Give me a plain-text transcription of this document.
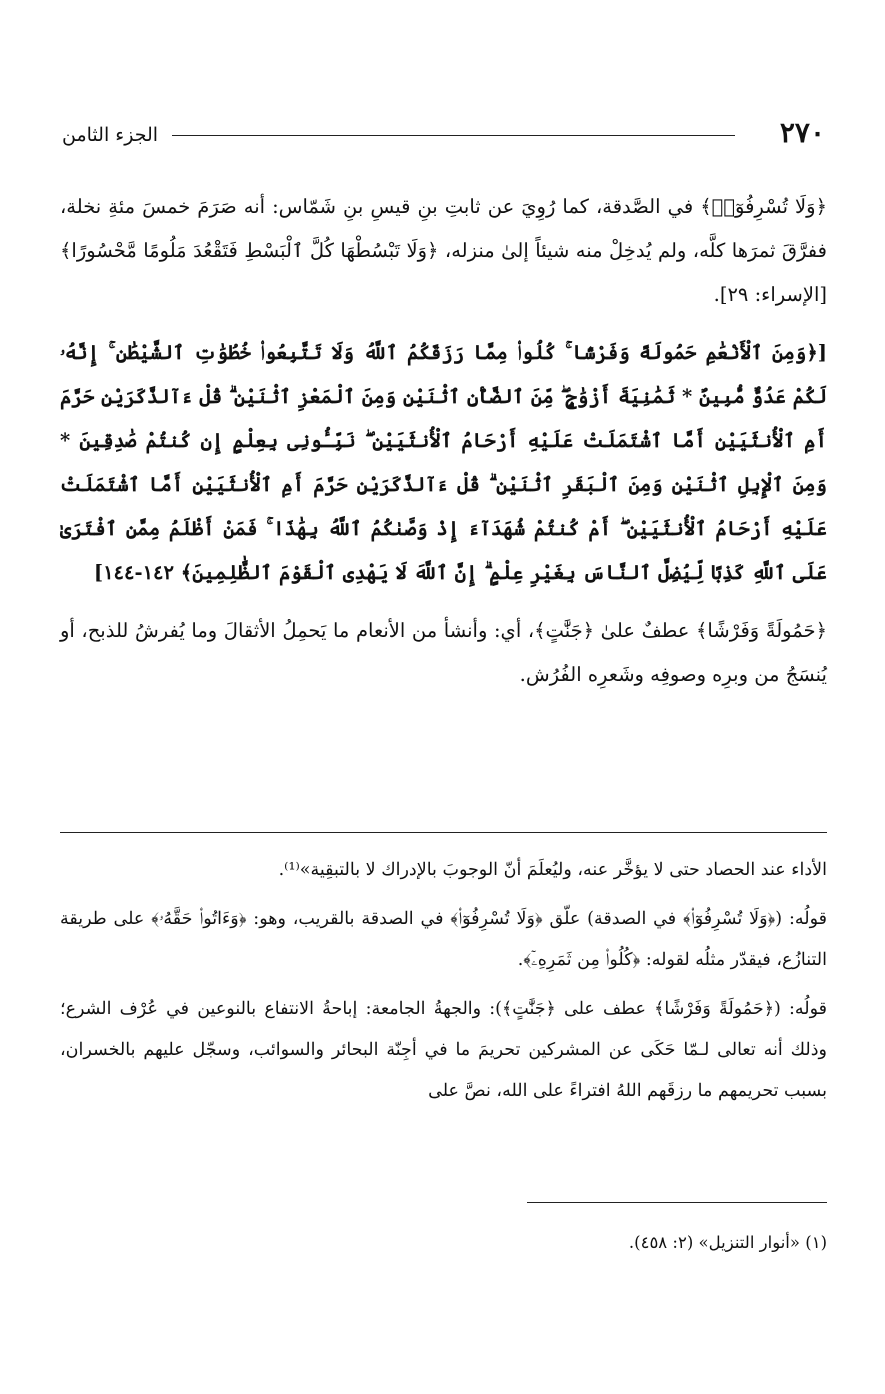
٢٧٠
الجزء الثامن

﴿وَلَا تُسْرِفُوٓا۟﴾ في الصَّدقة، كما رُوِيَ عن ثابتِ بنِ قيسِ بنِ شَمّاس: أنه صَرَمَ خمسَ مئةِ نخلة، ففرَّقَ ثمرَها كلَّه، ولم يُدخِلْ منه شيئاً إلىٰ منزله، ﴿وَلَا تَبْسُطْهَا كُلَّ ٱلْبَسْطِ فَتَقْعُدَ مَلُومًا مَّحْسُورًا﴾ [الإسراء: ٢٩].

[﴿وَمِنَ ٱلْأَنْعَٰمِ حَمُولَةً وَفَرْشًا ۚ كُلُوا۟ مِمَّا رَزَقَكُمُ ٱللَّهُ وَلَا تَتَّبِعُوا۟ خُطُوَٰتِ ٱلشَّيْطَٰنِ ۚ إِنَّهُۥ لَكُمْ عَدُوٌّ مُّبِينٌ * ثَمَٰنِيَةَ أَزْوَٰجٍ ۖ مِّنَ ٱلضَّأْنِ ٱثْنَيْنِ وَمِنَ ٱلْمَعْزِ ٱثْنَيْنِ ۗ قُلْ ءَآلذَّكَرَيْنِ حَرَّمَ أَمِ ٱلْأُنثَيَيْنِ أَمَّا ٱشْتَمَلَتْ عَلَيْهِ أَرْحَامُ ٱلْأُنثَيَيْنِ ۖ نَبِّـُٔونِى بِعِلْمٍ إِن كُنتُمْ صَٰدِقِينَ * وَمِنَ ٱلْإِبِلِ ٱثْنَيْنِ وَمِنَ ٱلْبَقَرِ ٱثْنَيْنِ ۗ قُلْ ءَآلذَّكَرَيْنِ حَرَّمَ أَمِ ٱلْأُنثَيَيْنِ أَمَّا ٱشْتَمَلَتْ عَلَيْهِ أَرْحَامُ ٱلْأُنثَيَيْنِ ۖ أَمْ كُنتُمْ شُهَدَآءَ إِذْ وَصَّىٰكُمُ ٱللَّهُ بِهَٰذَا ۚ فَمَنْ أَظْلَمُ مِمَّنِ ٱفْتَرَىٰ عَلَى ٱللَّهِ كَذِبًا لِّيُضِلَّ ٱلنَّاسَ بِغَيْرِ عِلْمٍ ۗ إِنَّ ٱللَّهَ لَا يَهْدِى ٱلْقَوْمَ ٱلظَّٰلِمِينَ﴾ ١٤٢-١٤٤]

﴿حَمُولَةً وَفَرْشًا﴾ عطفٌ علىٰ ﴿جَنَّٰتٍ﴾، أي: وأنشأ من الأنعام ما يَحمِلُ الأثقالَ وما يُفرشُ للذبح، أو يُنسَجُ من وبرِه وصوفِه وشَعرِه الفُرُش.

الأداء عند الحصاد حتى لا يؤخَّر عنه، وليُعلَمَ أنّ الوجوبَ بالإدراك لا بالتبقِية»⁽¹⁾.

قولُه: (﴿وَلَا تُسْرِفُوٓا۟﴾ في الصدقة) علّق ﴿وَلَا تُسْرِفُوٓا۟﴾ في الصدقة بالقريب، وهو: ﴿وَءَاتُوا۟ حَقَّهُۥ﴾ على طريقة التنازُع، فيقدّر مثلُه لقوله: ﴿كُلُوا۟ مِن ثَمَرِهِۦٓ﴾.

قولُه: (﴿حَمُولَةً وَفَرْشًا﴾ عطف على ﴿جَنَّٰتٍ﴾): والجهةُ الجامعة: إباحةُ الانتفاع بالنوعين في عُرْف الشرع؛ وذلك أنه تعالى لـمّا حَكَى عن المشركين تحريمَ ما في أجِنّة البحائر والسوائب، وسجّل عليهم بالخسران، بسبب تحريمهم ما رزقَهم اللهُ افتراءً على الله، نصَّ على

(١) «أنوار التنزيل» (٢: ٤٥٨).
